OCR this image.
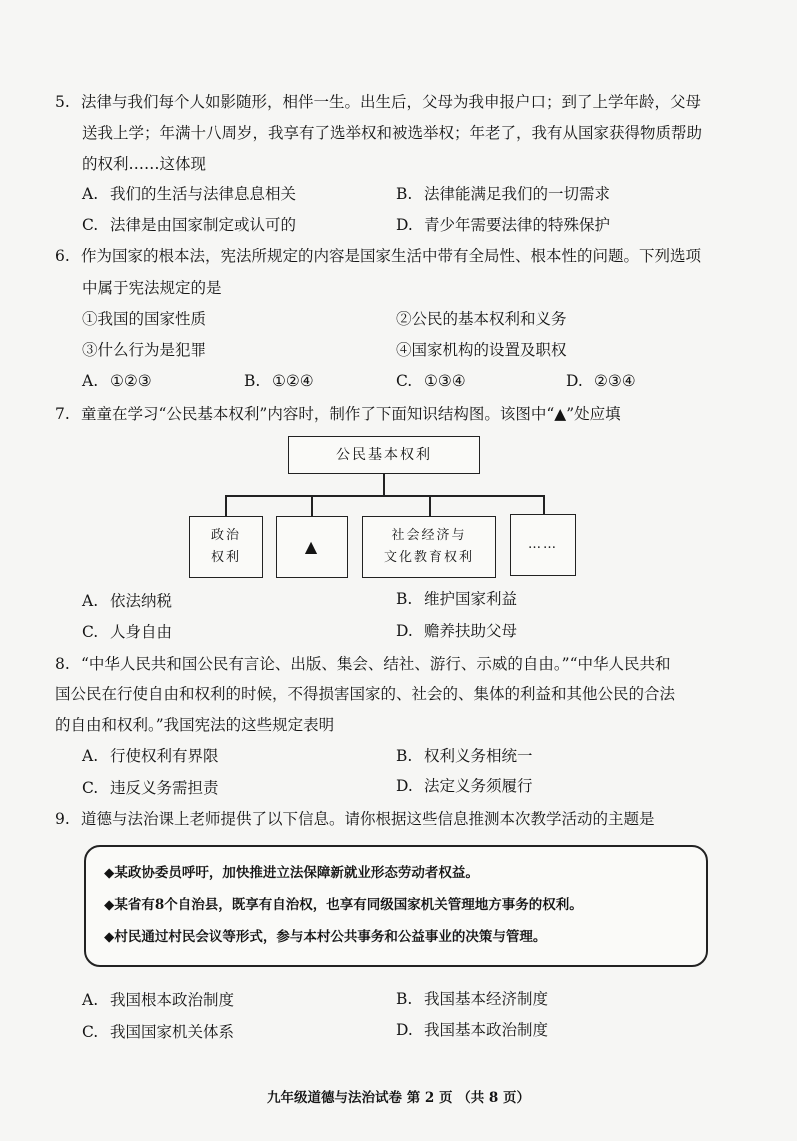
5. 法律与我们每个人如影随形，相伴一生。出生后，父母为我申报户口；到了上学年龄，父母
送我上学；年满十八周岁，我享有了选举权和被选举权；年老了，我有从国家获得物质帮助
的权利……这体现
A. 我们的生活与法律息息相关	B. 法律能满足我们的一切需求
C. 法律是由国家制定或认可的	D. 青少年需要法律的特殊保护
6. 作为国家的根本法，宪法所规定的内容是国家生活中带有全局性、根本性的问题。下列选项
中属于宪法规定的是
①我国的国家性质	②公民的基本权利和义务
③什么行为是犯罪	④国家机构的设置及职权
A. ①②③	B. ①②④	C. ①③④	D. ②③④
7. 童童在学习“公民基本权利”内容时，制作了下面知识结构图。该图中“▲”处应填
公民基本权利
政治
权利
▲
社会经济与
文化教育权利
……
A. 依法纳税	B. 维护国家利益
C. 人身自由	D. 赡养扶助父母
8. “中华人民共和国公民有言论、出版、集会、结社、游行、示威的自由。”“中华人民共和
国公民在行使自由和权利的时候，不得损害国家的、社会的、集体的利益和其他公民的合法
的自由和权利。”我国宪法的这些规定表明
A. 行使权利有界限	B. 权利义务相统一
C. 违反义务需担责	D. 法定义务须履行
9. 道德与法治课上老师提供了以下信息。请你根据这些信息推测本次教学活动的主题是
◆某政协委员呼吁，加快推进立法保障新就业形态劳动者权益。
◆某省有8个自治县，既享有自治权，也享有同级国家机关管理地方事务的权利。
◆村民通过村民会议等形式，参与本村公共事务和公益事业的决策与管理。
A. 我国根本政治制度	B. 我国基本经济制度
C. 我国国家机关体系	D. 我国基本政治制度
九年级道德与法治试卷 第 2 页 （共 8 页）
